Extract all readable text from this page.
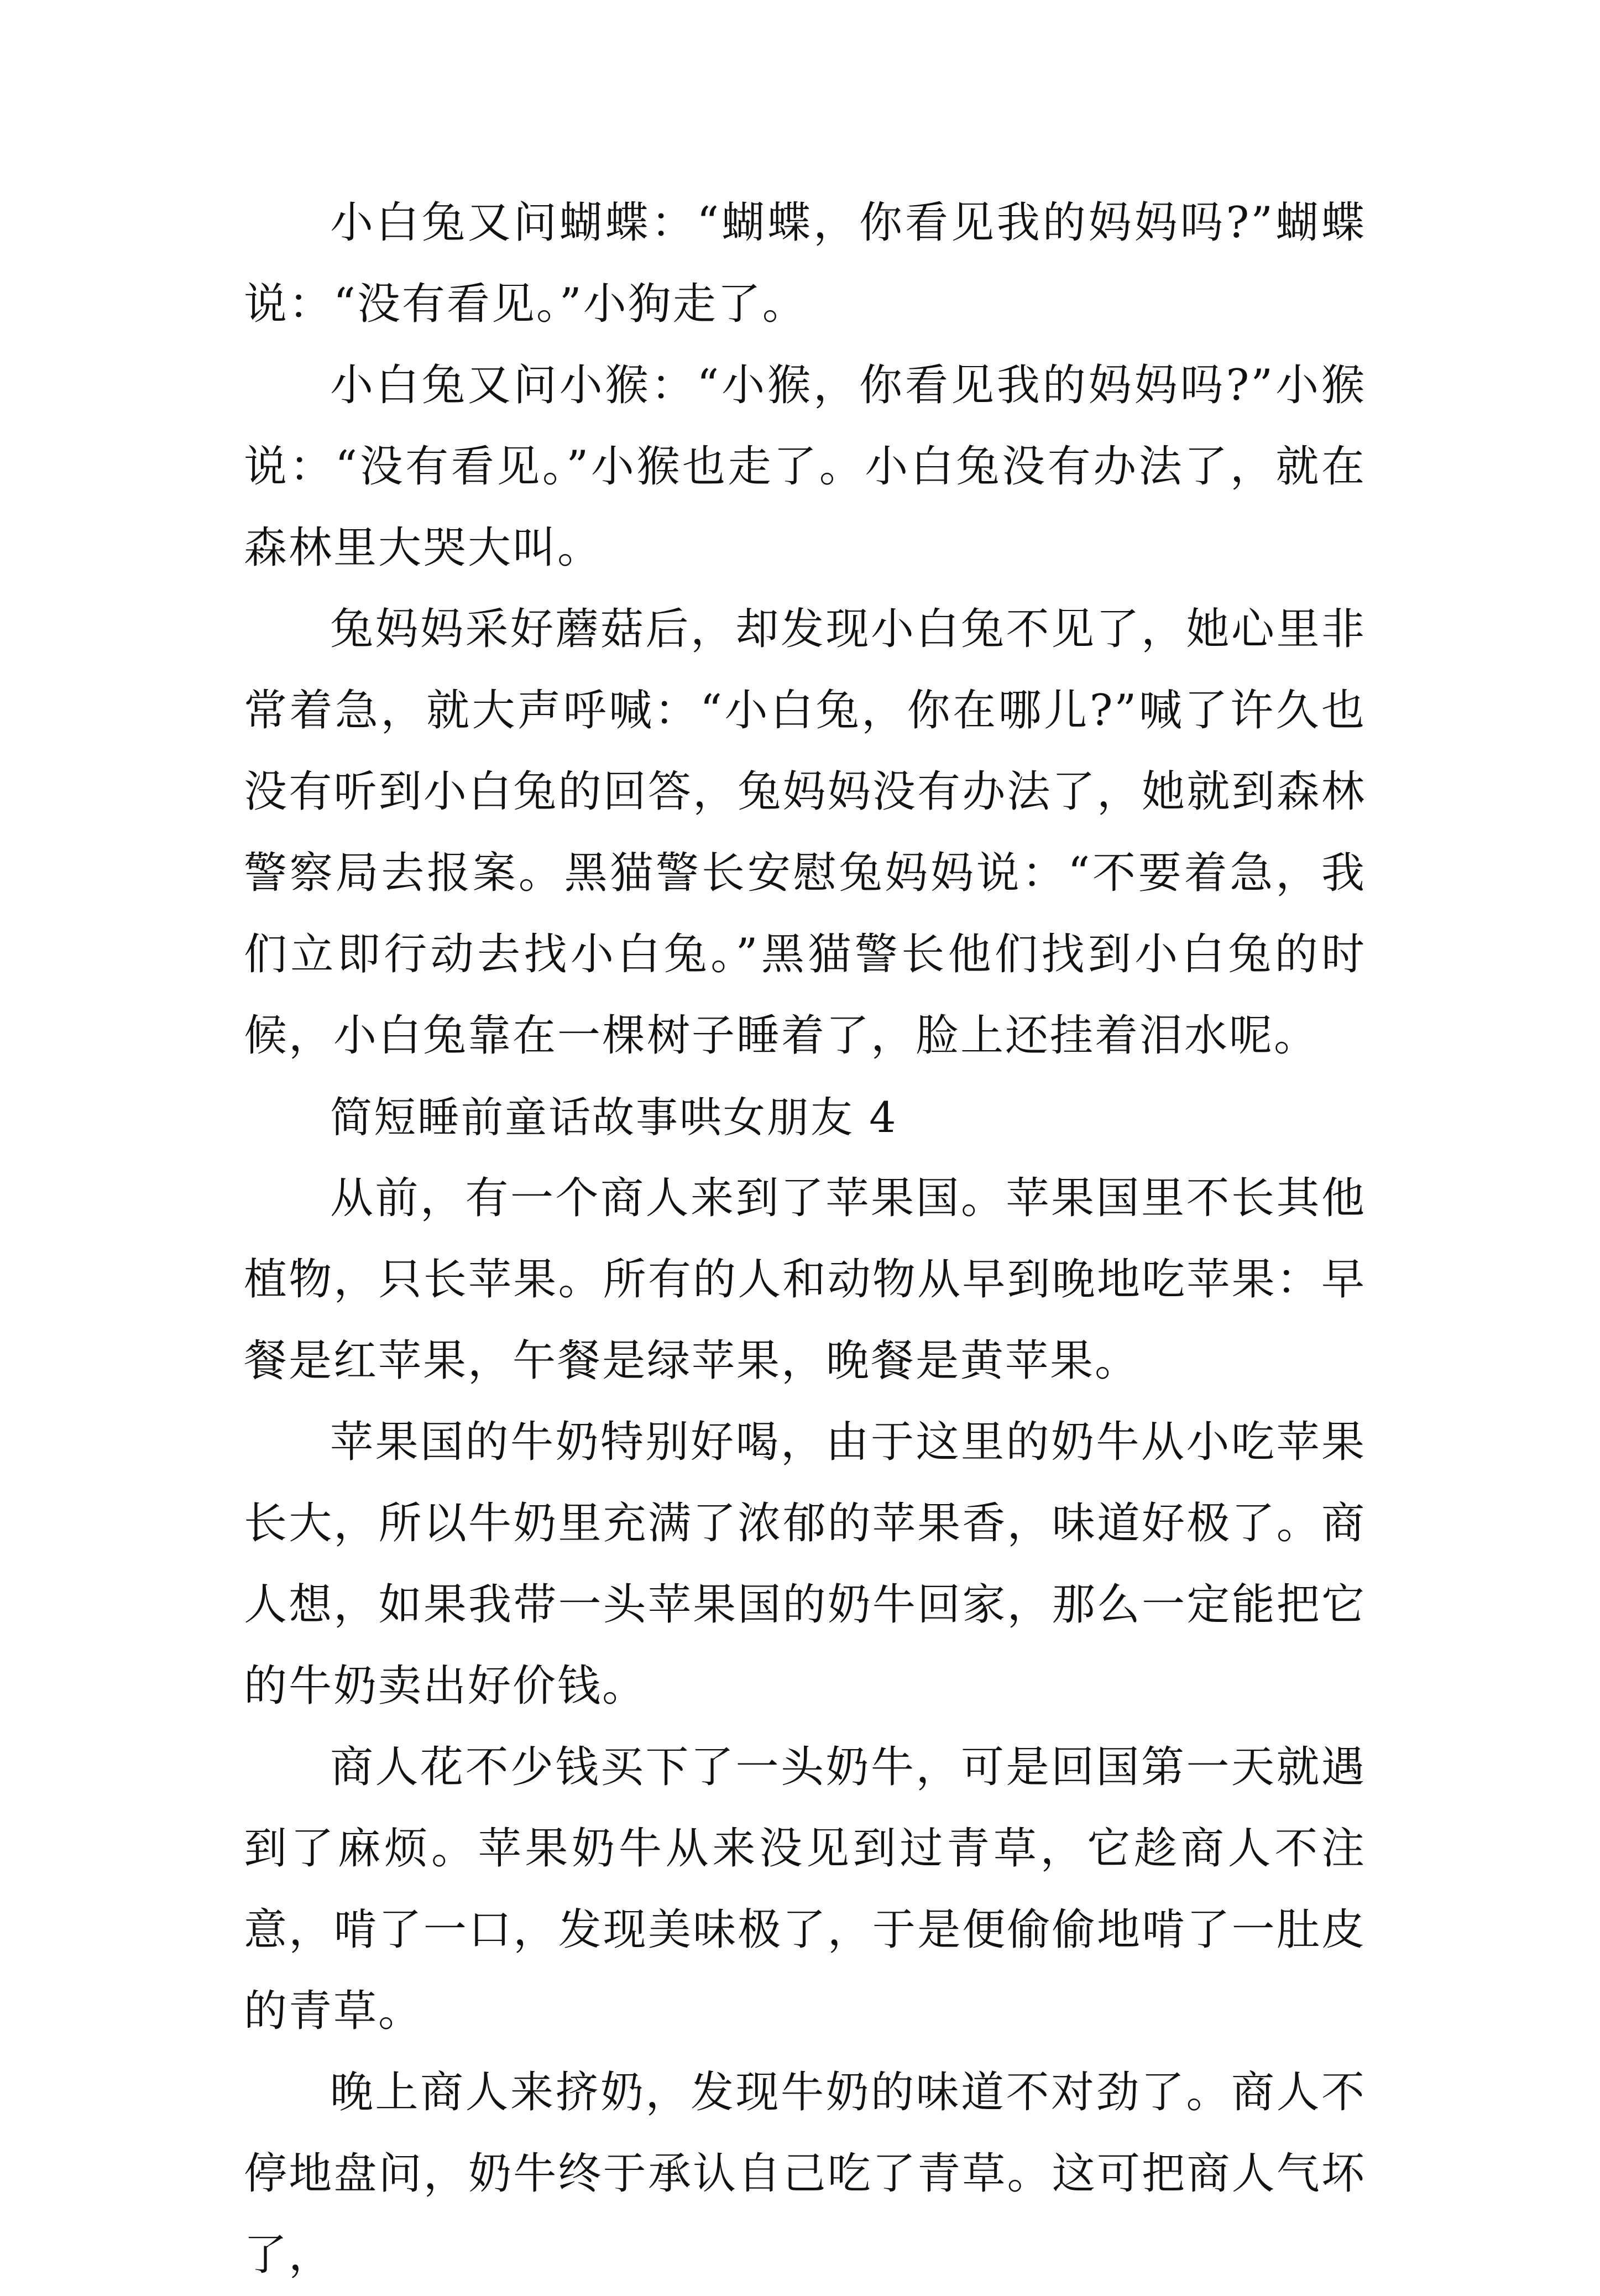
小白兔又问蝴蝶：“蝴蝶，你看见我的妈妈吗?”蝴蝶说：“没有看见。”小狗走了。

小白兔又问小猴：“小猴，你看见我的妈妈吗?”小猴说：“没有看见。”小猴也走了。小白兔没有办法了，就在森林里大哭大叫。

兔妈妈采好蘑菇后，却发现小白兔不见了，她心里非常着急，就大声呼喊：“小白兔，你在哪儿?”喊了许久也没有听到小白兔的回答，兔妈妈没有办法了，她就到森林警察局去报案。黑猫警长安慰兔妈妈说：“不要着急，我们立即行动去找小白兔。”黑猫警长他们找到小白兔的时候，小白兔靠在一棵树子睡着了，脸上还挂着泪水呢。

简短睡前童话故事哄女朋友 4

从前，有一个商人来到了苹果国。苹果国里不长其他植物，只长苹果。所有的人和动物从早到晚地吃苹果：早餐是红苹果，午餐是绿苹果，晚餐是黄苹果。

苹果国的牛奶特别好喝，由于这里的奶牛从小吃苹果长大，所以牛奶里充满了浓郁的苹果香，味道好极了。商人想，如果我带一头苹果国的奶牛回家，那么一定能把它的牛奶卖出好价钱。

商人花不少钱买下了一头奶牛，可是回国第一天就遇到了麻烦。苹果奶牛从来没见到过青草，它趁商人不注意，啃了一口，发现美味极了，于是便偷偷地啃了一肚皮的青草。

晚上商人来挤奶，发现牛奶的味道不对劲了。商人不停地盘问，奶牛终于承认自己吃了青草。这可把商人气坏了，
